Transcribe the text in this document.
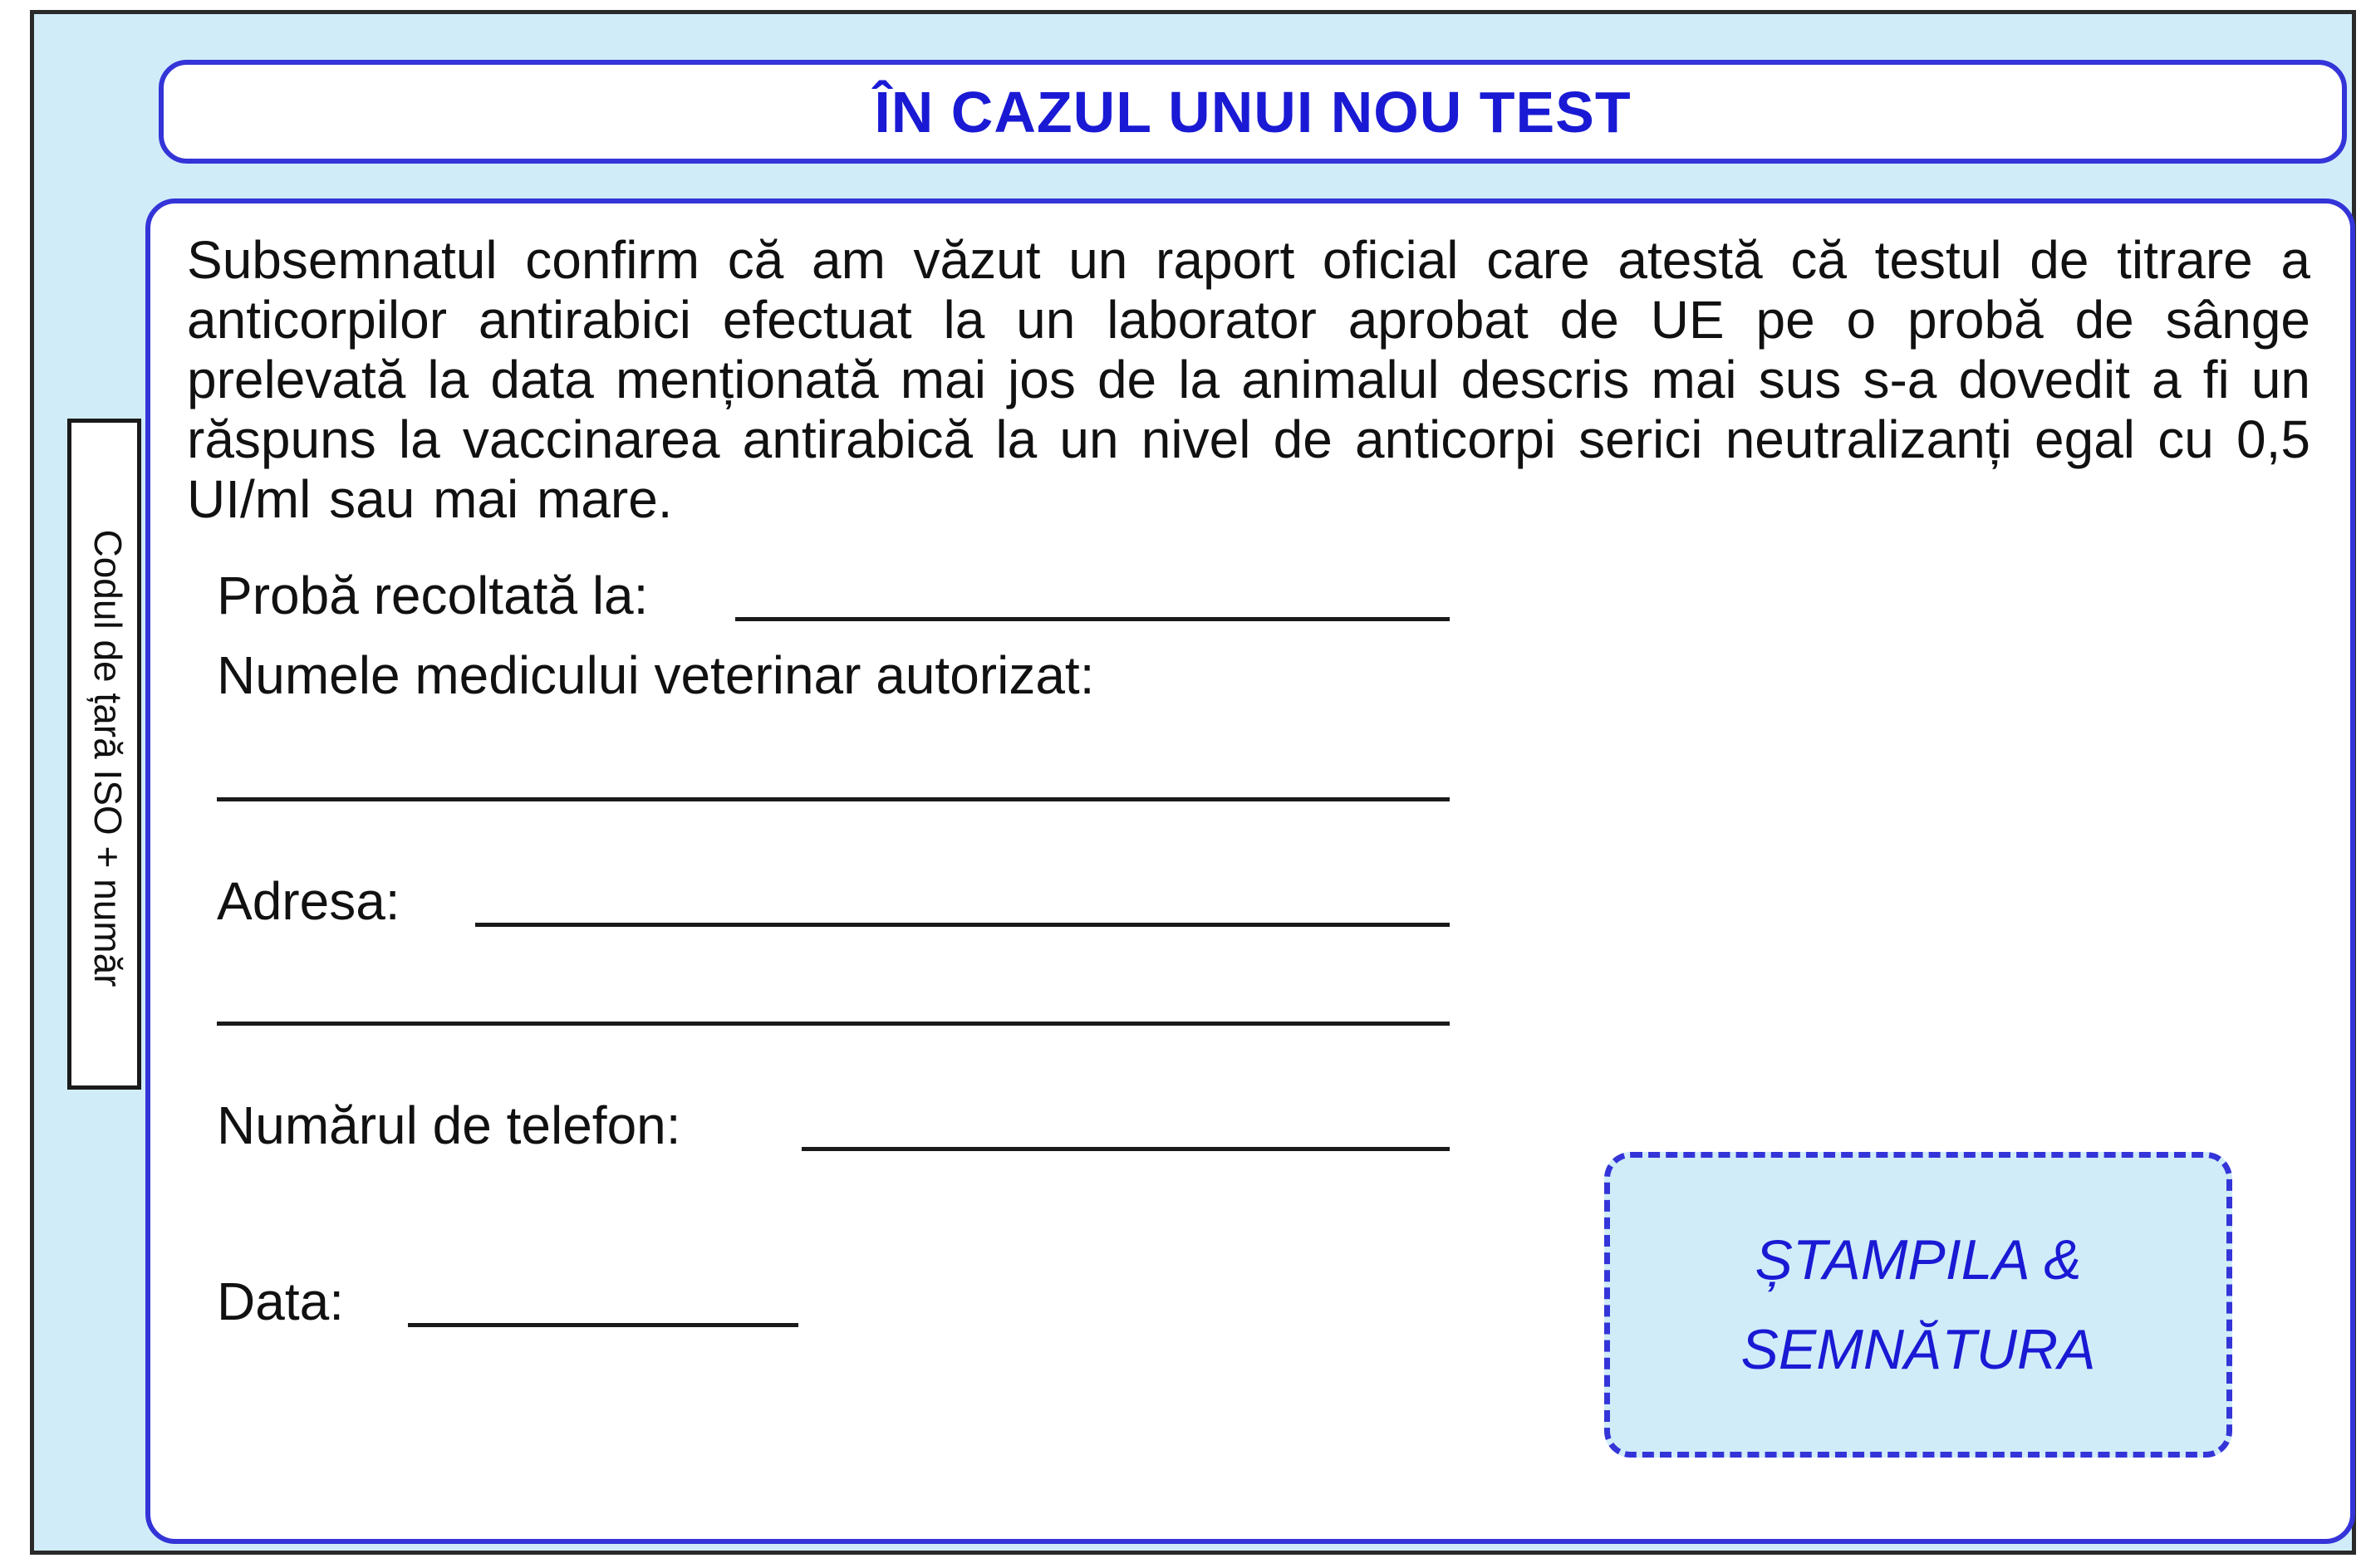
ÎN CAZUL UNUI NOU TEST
Codul de țară ISO + număr
Subsemnatul confirm că am văzut un raport oficial care atestă că testul de titrare a anticorpilor antirabici efectuat la un laborator aprobat de UE pe o probă de sânge prelevată la data menționată mai jos de la animalul descris mai sus s-a dovedit a fi un răspuns la vaccinarea antirabică la un nivel de anticorpi serici neutralizanți egal cu 0,5 UI/ml sau mai mare.
Probă recoltată la:
Numele medicului veterinar autorizat:
Adresa:
Numărul de telefon:
Data:
ȘTAMPILA &
SEMNĂTURA
